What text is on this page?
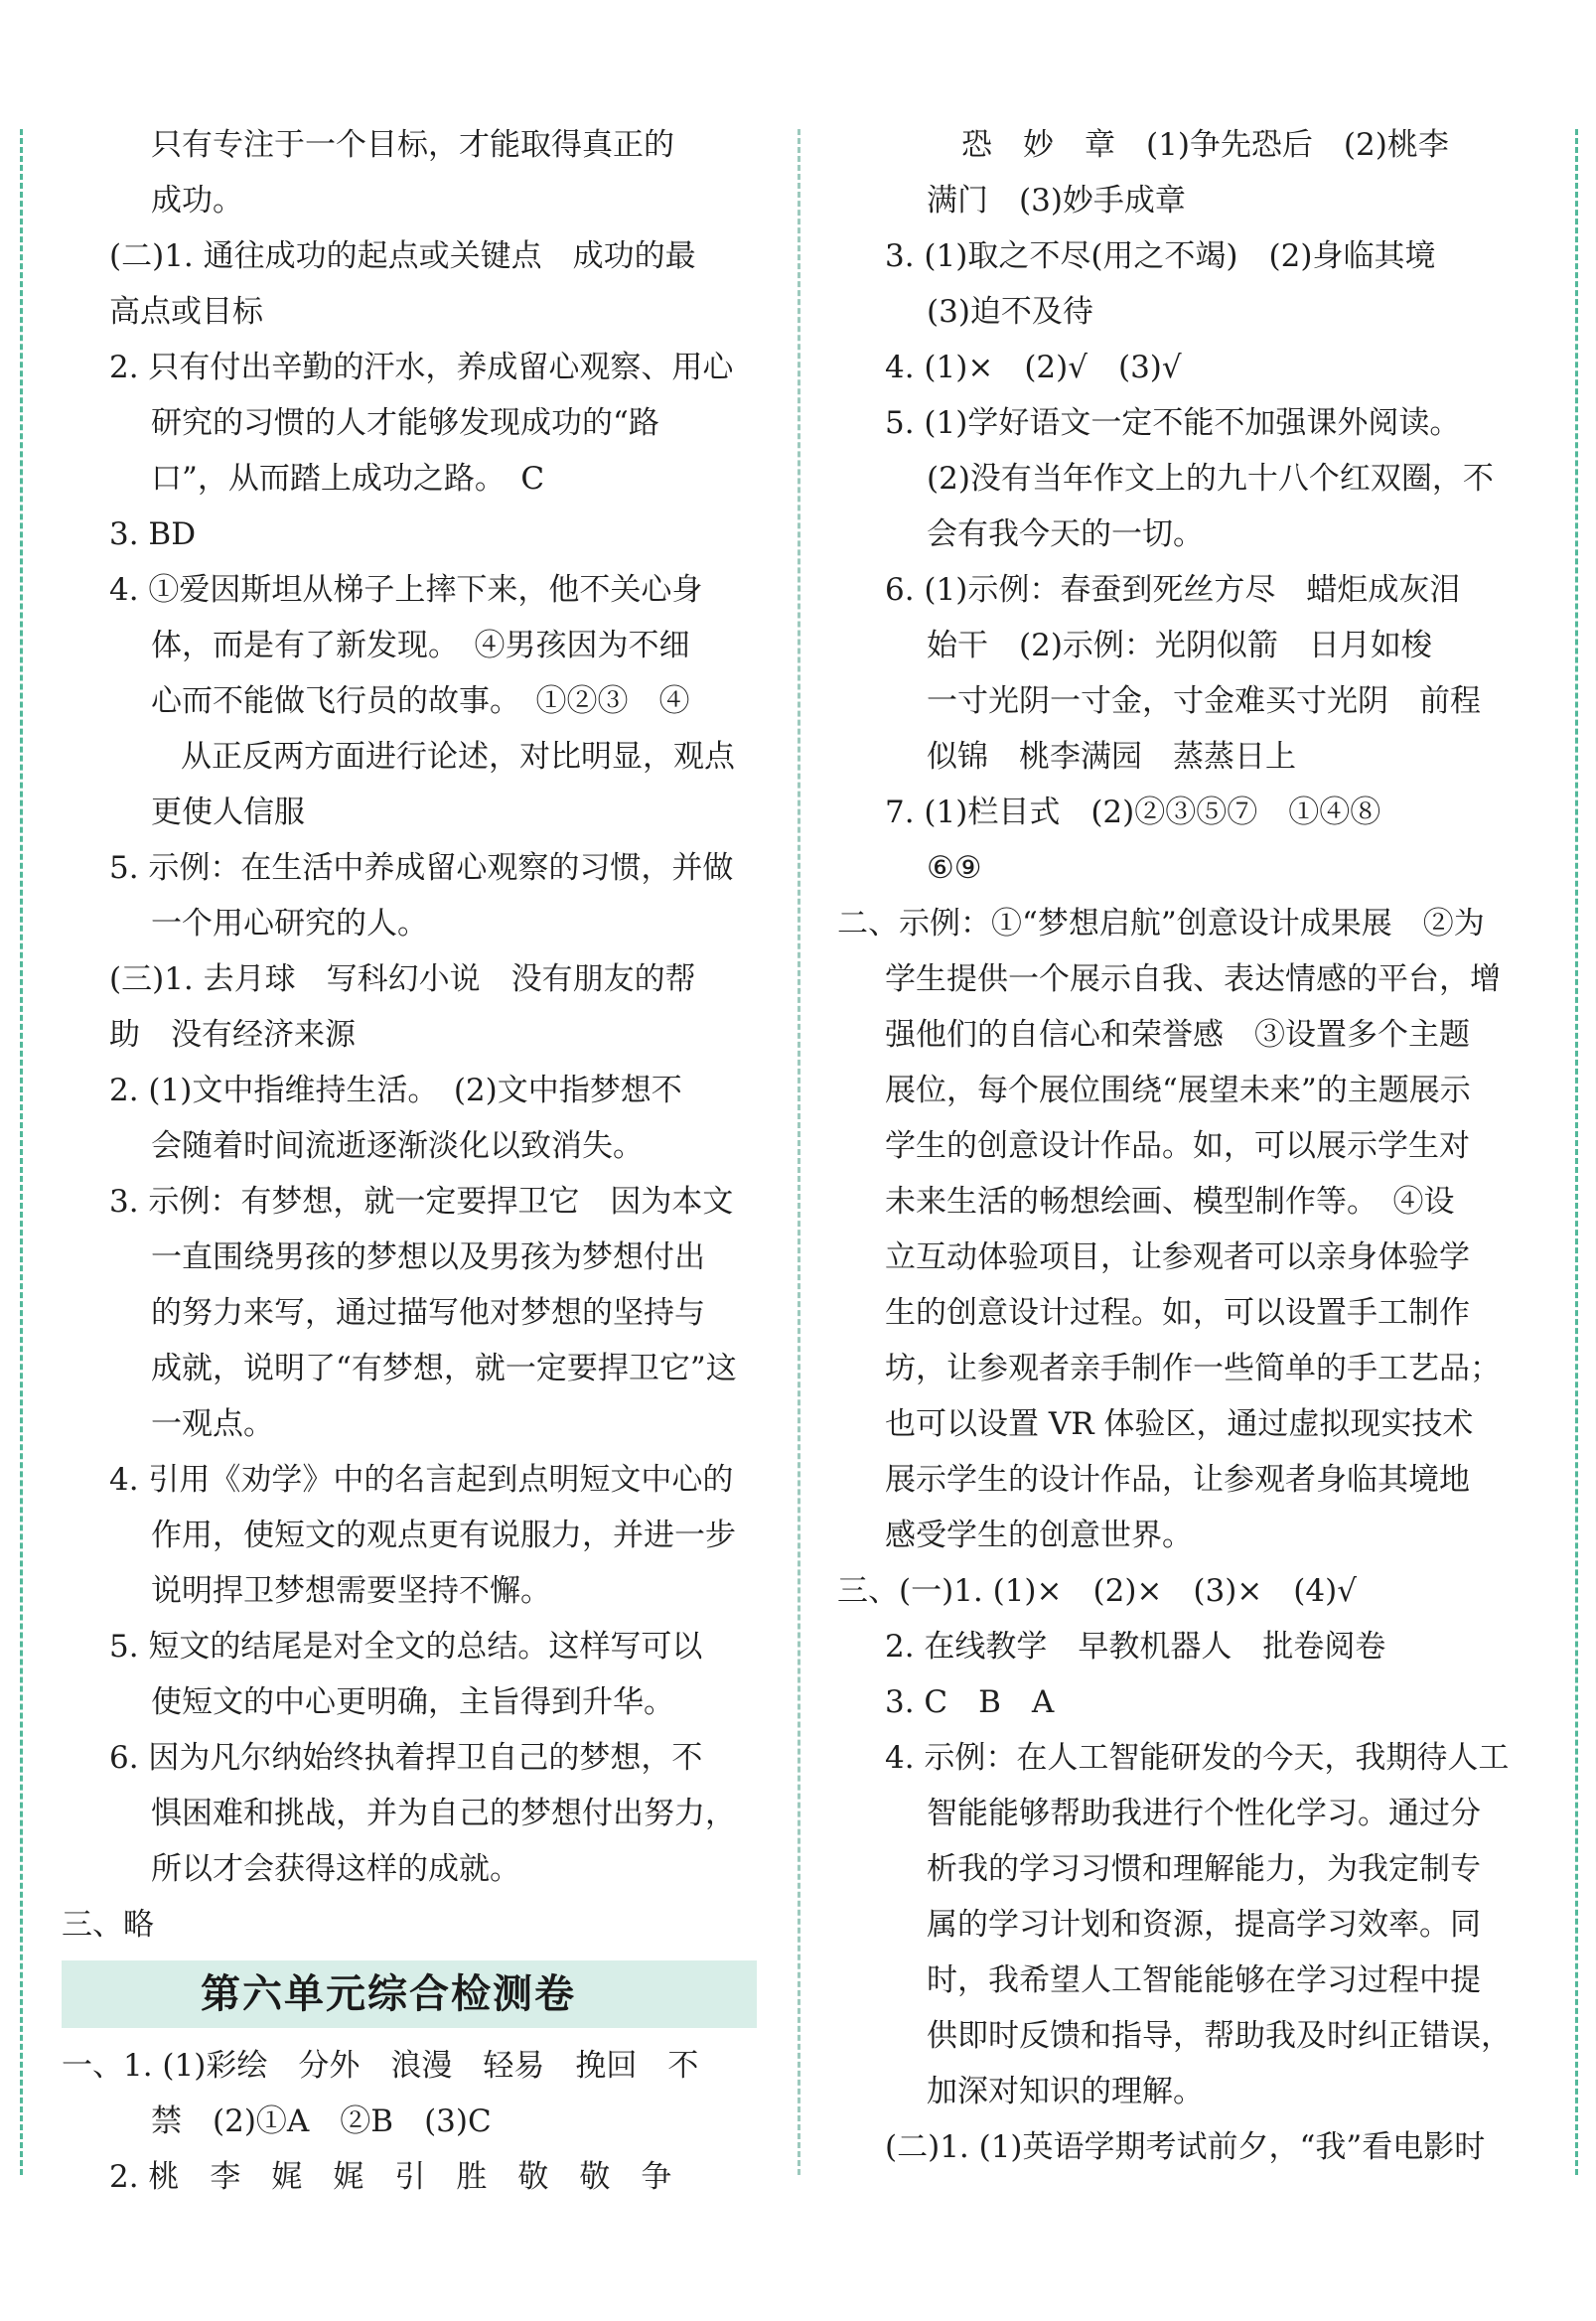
只有专注于一个目标，才能取得真正的
成功。
(二)1. 通往成功的起点或关键点　成功的最
高点或目标
2. 只有付出辛勤的汗水，养成留心观察、用心
研究的习惯的人才能够发现成功的“路
口”，从而踏上成功之路。　C
3. BD
4. ①爱因斯坦从梯子上摔下来，他不关心身
体，而是有了新发现。　④男孩因为不细
心而不能做飞行员的故事。　①②③　④
从正反两方面进行论述，对比明显，观点
更使人信服
5. 示例：在生活中养成留心观察的习惯，并做
一个用心研究的人。
(三)1. 去月球　写科幻小说　没有朋友的帮
助　没有经济来源
2. (1)文中指维持生活。　(2)文中指梦想不
会随着时间流逝逐渐淡化以致消失。
3. 示例：有梦想，就一定要捍卫它　因为本文
一直围绕男孩的梦想以及男孩为梦想付出
的努力来写，通过描写他对梦想的坚持与
成就，说明了“有梦想，就一定要捍卫它”这
一观点。
4. 引用《劝学》中的名言起到点明短文中心的
作用，使短文的观点更有说服力，并进一步
说明捍卫梦想需要坚持不懈。
5. 短文的结尾是对全文的总结。这样写可以
使短文的中心更明确，主旨得到升华。
6. 因为凡尔纳始终执着捍卫自己的梦想，不
惧困难和挑战，并为自己的梦想付出努力，
所以才会获得这样的成就。
三、略
第六单元综合检测卷
一、1. (1)彩绘　分外　浪漫　轻易　挽回　不
禁　(2)①A　②B　(3)C
2. 桃　李　娓　娓　引　胜　敬　敬　争
恐　妙　章　(1)争先恐后　(2)桃李
满门　(3)妙手成章
3. (1)取之不尽(用之不竭)　(2)身临其境
(3)迫不及待
4. (1)×　(2)√　(3)√
5. (1)学好语文一定不能不加强课外阅读。
(2)没有当年作文上的九十八个红双圈，不
会有我今天的一切。
6. (1)示例：春蚕到死丝方尽　蜡炬成灰泪
始干　(2)示例：光阴似箭　日月如梭
一寸光阴一寸金，寸金难买寸光阴　前程
似锦　桃李满园　蒸蒸日上
7. (1)栏目式　(2)②③⑤⑦　①④⑧
⑥⑨
二、示例：①“梦想启航”创意设计成果展　②为
学生提供一个展示自我、表达情感的平台，增
强他们的自信心和荣誉感　③设置多个主题
展位，每个展位围绕“展望未来”的主题展示
学生的创意设计作品。如，可以展示学生对
未来生活的畅想绘画、模型制作等。　④设
立互动体验项目，让参观者可以亲身体验学
生的创意设计过程。如，可以设置手工制作
坊，让参观者亲手制作一些简单的手工艺品；
也可以设置 VR 体验区，通过虚拟现实技术
展示学生的设计作品，让参观者身临其境地
感受学生的创意世界。
三、(一)1. (1)×　(2)×　(3)×　(4)√
2. 在线教学　早教机器人　批卷阅卷
3. C　B　A
4. 示例：在人工智能研发的今天，我期待人工
智能能够帮助我进行个性化学习。通过分
析我的学习习惯和理解能力，为我定制专
属的学习计划和资源，提高学习效率。同
时，我希望人工智能能够在学习过程中提
供即时反馈和指导，帮助我及时纠正错误，
加深对知识的理解。
(二)1. (1)英语学期考试前夕，“我”看电影时
